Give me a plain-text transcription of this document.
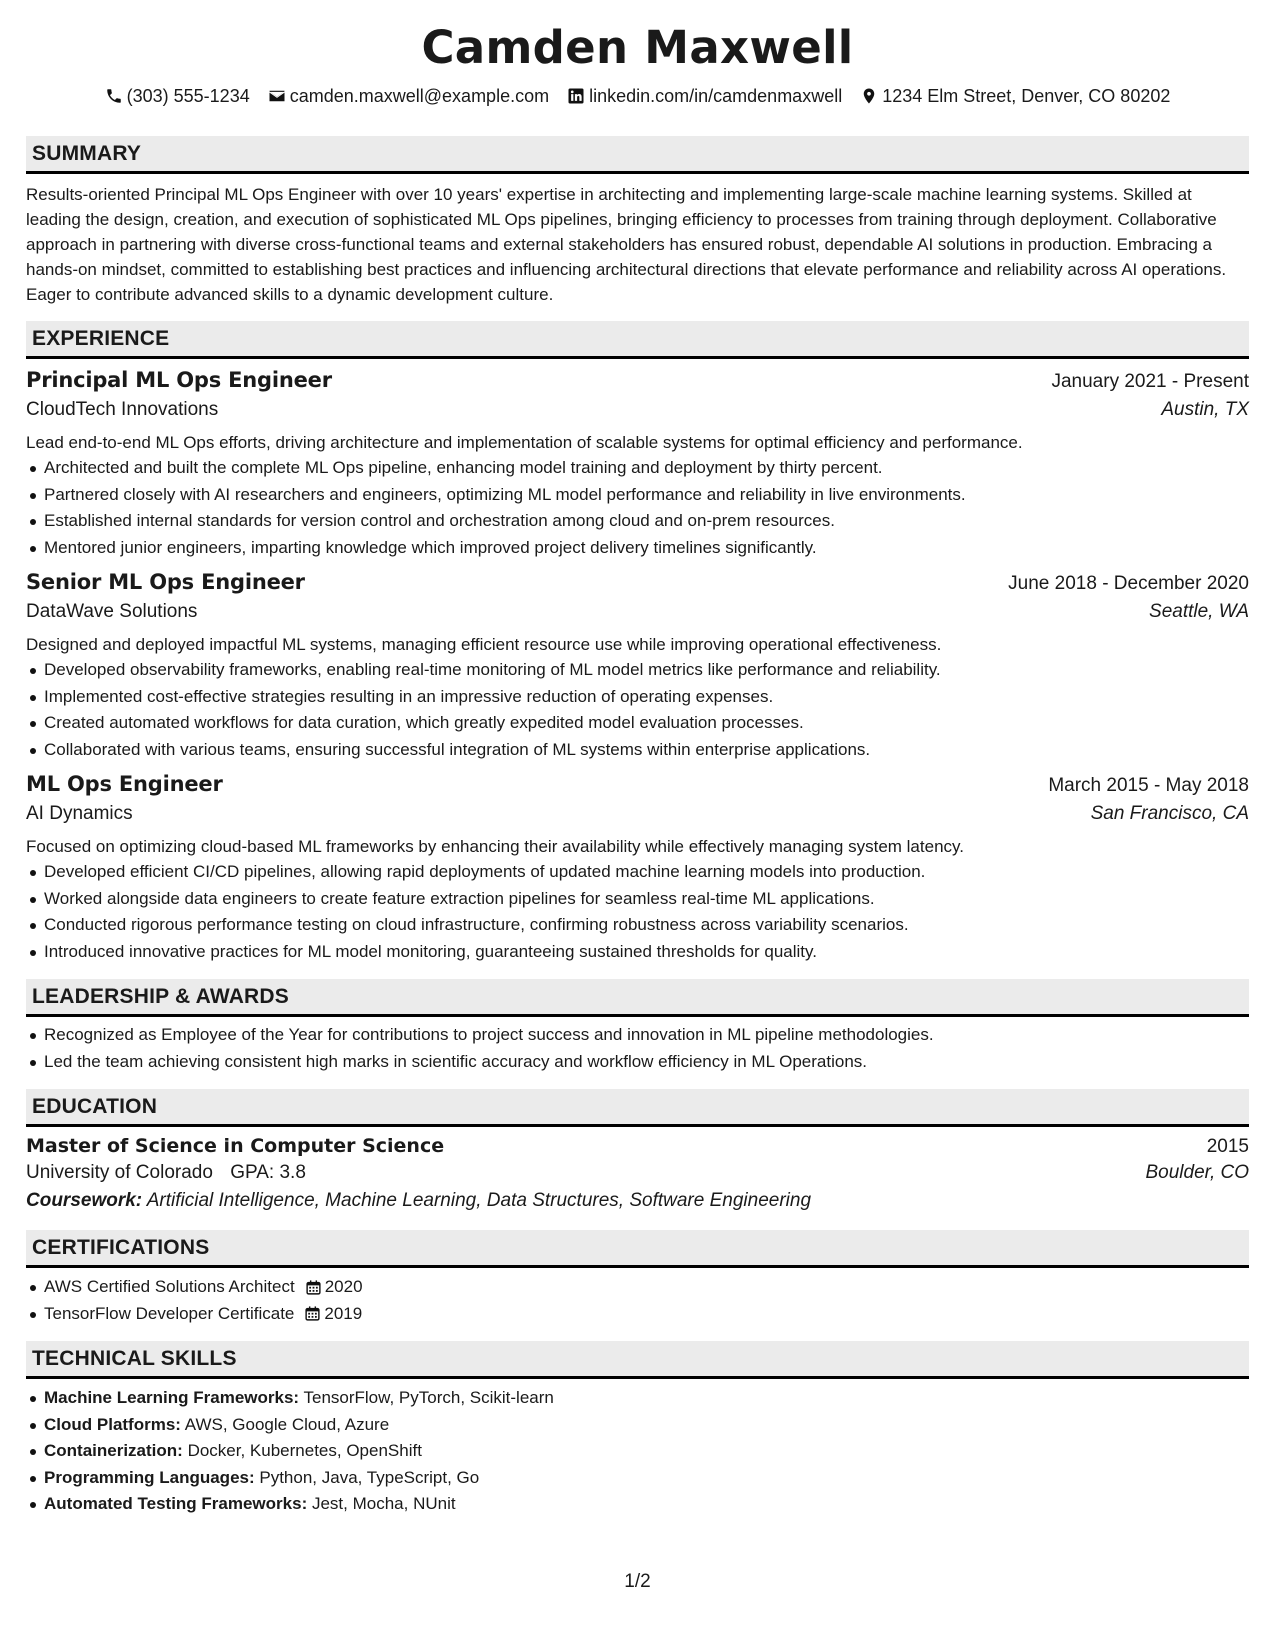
Camden Maxwell
(303) 555-1234 camden.maxwell@example.com linkedin.com/in/camdenmaxwell 1234 Elm Street, Denver, CO 80202
SUMMARY

Results-oriented Principal ML Ops Engineer with over 10 years' expertise in architecting and implementing large-scale machine learning systems. Skilled at leading the design, creation, and execution of sophisticated ML Ops pipelines, bringing efficiency to processes from training through deployment. Collaborative approach in partnering with diverse cross-functional teams and external stakeholders has ensured robust, dependable AI solutions in production. Embracing a hands-on mindset, committed to establishing best practices and influencing architectural directions that elevate performance and reliability across AI operations. Eager to contribute advanced skills to a dynamic development culture.

EXPERIENCE
Principal ML Ops Engineer	January 2021 - Present
CloudTech Innovations	Austin, TX

Lead end-to-end ML Ops efforts, driving architecture and implementation of scalable systems for optimal efficiency and performance.

Architected and built the complete ML Ops pipeline, enhancing model training and deployment by thirty percent.
Partnered closely with AI researchers and engineers, optimizing ML model performance and reliability in live environments.
Established internal standards for version control and orchestration among cloud and on-prem resources.
Mentored junior engineers, imparting knowledge which improved project delivery timelines significantly.
Senior ML Ops Engineer	June 2018 - December 2020
DataWave Solutions	Seattle, WA

Designed and deployed impactful ML systems, managing efficient resource use while improving operational effectiveness.

Developed observability frameworks, enabling real-time monitoring of ML model metrics like performance and reliability.
Implemented cost-effective strategies resulting in an impressive reduction of operating expenses.
Created automated workflows for data curation, which greatly expedited model evaluation processes.
Collaborated with various teams, ensuring successful integration of ML systems within enterprise applications.
ML Ops Engineer	March 2015 - May 2018
AI Dynamics	San Francisco, CA

Focused on optimizing cloud-based ML frameworks by enhancing their availability while effectively managing system latency.

Developed efficient CI/CD pipelines, allowing rapid deployments of updated machine learning models into production.
Worked alongside data engineers to create feature extraction pipelines for seamless real-time ML applications.
Conducted rigorous performance testing on cloud infrastructure, confirming robustness across variability scenarios.
Introduced innovative practices for ML model monitoring, guaranteeing sustained thresholds for quality.
LEADERSHIP & AWARDS
Recognized as Employee of the Year for contributions to project success and innovation in ML pipeline methodologies.
Led the team achieving consistent high marks in scientific accuracy and workflow efficiency in ML Operations.
EDUCATION
Master of Science in Computer Science	2015
University of Colorado GPA: 3.8	Boulder, CO
Coursework: Artificial Intelligence, Machine Learning, Data Structures, Software Engineering
CERTIFICATIONS
AWS Certified Solutions Architect 2020
TensorFlow Developer Certificate 2019
TECHNICAL SKILLS
Machine Learning Frameworks: TensorFlow, PyTorch, Scikit-learn
Cloud Platforms: AWS, Google Cloud, Azure
Containerization: Docker, Kubernetes, OpenShift
Programming Languages: Python, Java, TypeScript, Go
Automated Testing Frameworks: Jest, Mocha, NUnit
1/2
